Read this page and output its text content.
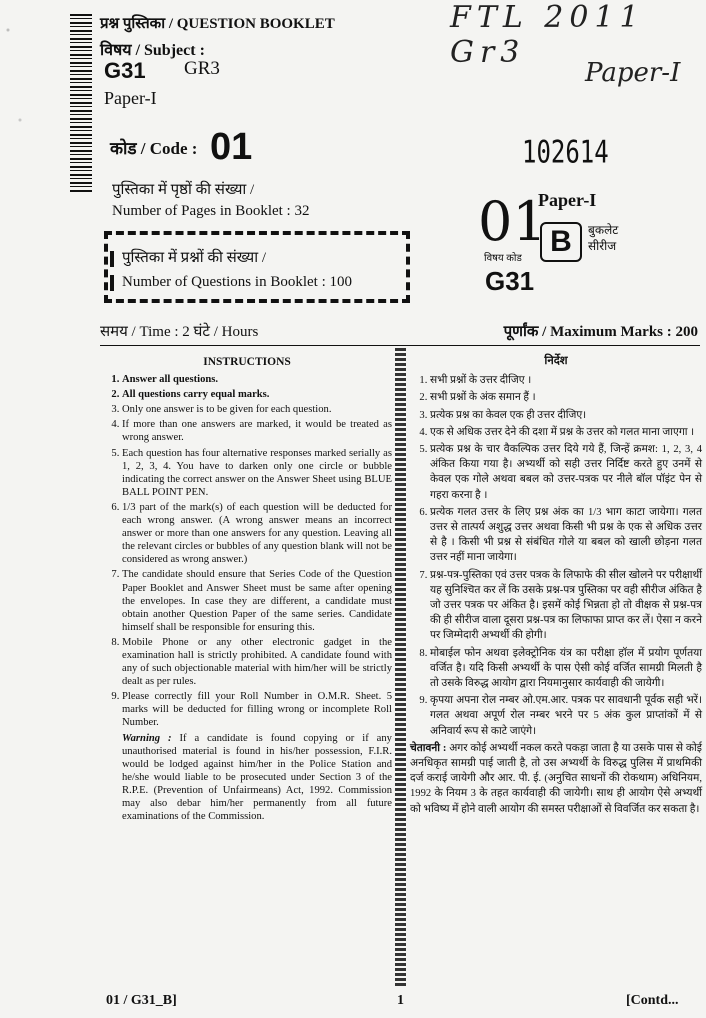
प्रश्न पुस्तिका / QUESTION BOOKLET
विषय / Subject :
G31 GR3
Paper-I
कोड / Code : 01
पुस्तिका में पृष्ठों की संख्या /
Number of Pages in Booklet : 32
पुस्तिका में प्रश्नों की संख्या /
Number of Questions in Booklet : 100
FTL 2011 Gr3
Paper-I
102614
01
Paper-I
B	बुकलेट सीरीज
विषय कोड
G31
समय / Time : 2 घंटे / Hours	पूर्णांक / Maximum Marks : 200
INSTRUCTIONS
1. Answer all questions.
2. All questions carry equal marks.
3. Only one answer is to be given for each question.
4. If more than one answers are marked, it would be treated as wrong answer.
5. Each question has four alternative responses marked serially as 1, 2, 3, 4. You have to darken only one circle or bubble indicating the correct answer on the Answer Sheet using BLUE BALL POINT PEN.
6. 1/3 part of the mark(s) of each question will be deducted for each wrong answer. (A wrong answer means an incorrect answer or more than one answers for any question. Leaving all the relevant circles or bubbles of any question blank will not be considered as wrong answer.)
7. The candidate should ensure that Series Code of the Question Paper Booklet and Answer Sheet must be same after opening the envelopes. In case they are different, a candidate must obtain another Question Paper of the same series. Candidate himself shall be responsible for ensuring this.
8. Mobile Phone or any other electronic gadget in the examination hall is strictly prohibited. A candidate found with any of such objectionable material with him/her will be strictly dealt as per rules.
9. Please correctly fill your Roll Number in O.M.R. Sheet. 5 marks will be deducted for filling wrong or incomplete Roll Number.
Warning : If a candidate is found copying or if any unauthorised material is found in his/her possession, F.I.R. would be lodged against him/her in the Police Station and he/she would liable to be prosecuted under Section 3 of the R.P.E. (Prevention of Unfairmeans) Act, 1992. Commission may also debar him/her permanently from all future examinations of the Commission.
निर्देश
1. सभी प्रश्नों के उत्तर दीजिए ।
2. सभी प्रश्नों के अंक समान हैं ।
3. प्रत्येक प्रश्न का केवल एक ही उत्तर दीजिए।
4. एक से अधिक उत्तर देने की दशा में प्रश्न के उत्तर को गलत माना जाएगा ।
5. प्रत्येक प्रश्न के चार वैकल्पिक उत्तर दिये गये हैं, जिन्हें क्रमश: 1, 2, 3, 4 अंकित किया गया है। अभ्यर्थी को सही उत्तर निर्दिष्ट करते हुए उनमें से केवल एक गोले अथवा बबल को उत्तर-पत्रक पर नीले बॉल पॉइंट पेन से गहरा करना है ।
6. प्रत्येक गलत उत्तर के लिए प्रश्न अंक का 1/3 भाग काटा जायेगा। गलत उत्तर से तात्पर्य अशुद्ध उत्तर अथवा किसी भी प्रश्न के एक से अधिक उत्तर से है । किसी भी प्रश्न से संबंधित गोले या बबल को खाली छोड़ना गलत उत्तर नहीं माना जायेगा।
7. प्रश्न-पत्र-पुस्तिका एवं उत्तर पत्रक के लिफाफे की सील खोलने पर परीक्षार्थी यह सुनिश्चित कर लें कि उसके प्रश्न-पत्र पुस्तिका पर वही सीरीज अंकित है जो उत्तर पत्रक पर अंकित है। इसमें कोई भिन्नता हो तो वीक्षक से प्रश्न-पत्र की ही सीरीज वाला दूसरा प्रश्न-पत्र का लिफाफा प्राप्त कर लें। ऐसा न करने पर जिम्मेदारी अभ्यर्थी की होगी।
8. मोबाईल फोन अथवा इलेक्ट्रोनिक यंत्र का परीक्षा हॉल में प्रयोग पूर्णतया वर्जित है। यदि किसी अभ्यर्थी के पास ऐसी कोई वर्जित सामग्री मिलती है तो उसके विरुद्ध आयोग द्वारा नियमानुसार कार्यवाही की जायेगी।
9. कृपया अपना रोल नम्बर ओ.एम.आर. पत्रक पर सावधानी पूर्वक सही भरें। गलत अथवा अपूर्ण रोल नम्बर भरने पर 5 अंक कुल प्राप्तांकों में से अनिवार्य रूप से काटे जाएंगे।
चेतावनी : अगर कोई अभ्यर्थी नकल करते पकड़ा जाता है या उसके पास से कोई अनधिकृत सामग्री पाई जाती है, तो उस अभ्यर्थी के विरुद्ध पुलिस में प्राथमिकी दर्ज कराई जायेगी और आर. पी. ई. (अनुचित साधनों की रोकथाम) अधिनियम, 1992 के नियम 3 के तहत कार्यवाही की जायेगी। साथ ही आयोग ऐसे अभ्यर्थी को भविष्य में होने वाली आयोग की समस्त परीक्षाओं से विवर्जित कर सकता है।
01 / G31_B]	1	[Contd...
